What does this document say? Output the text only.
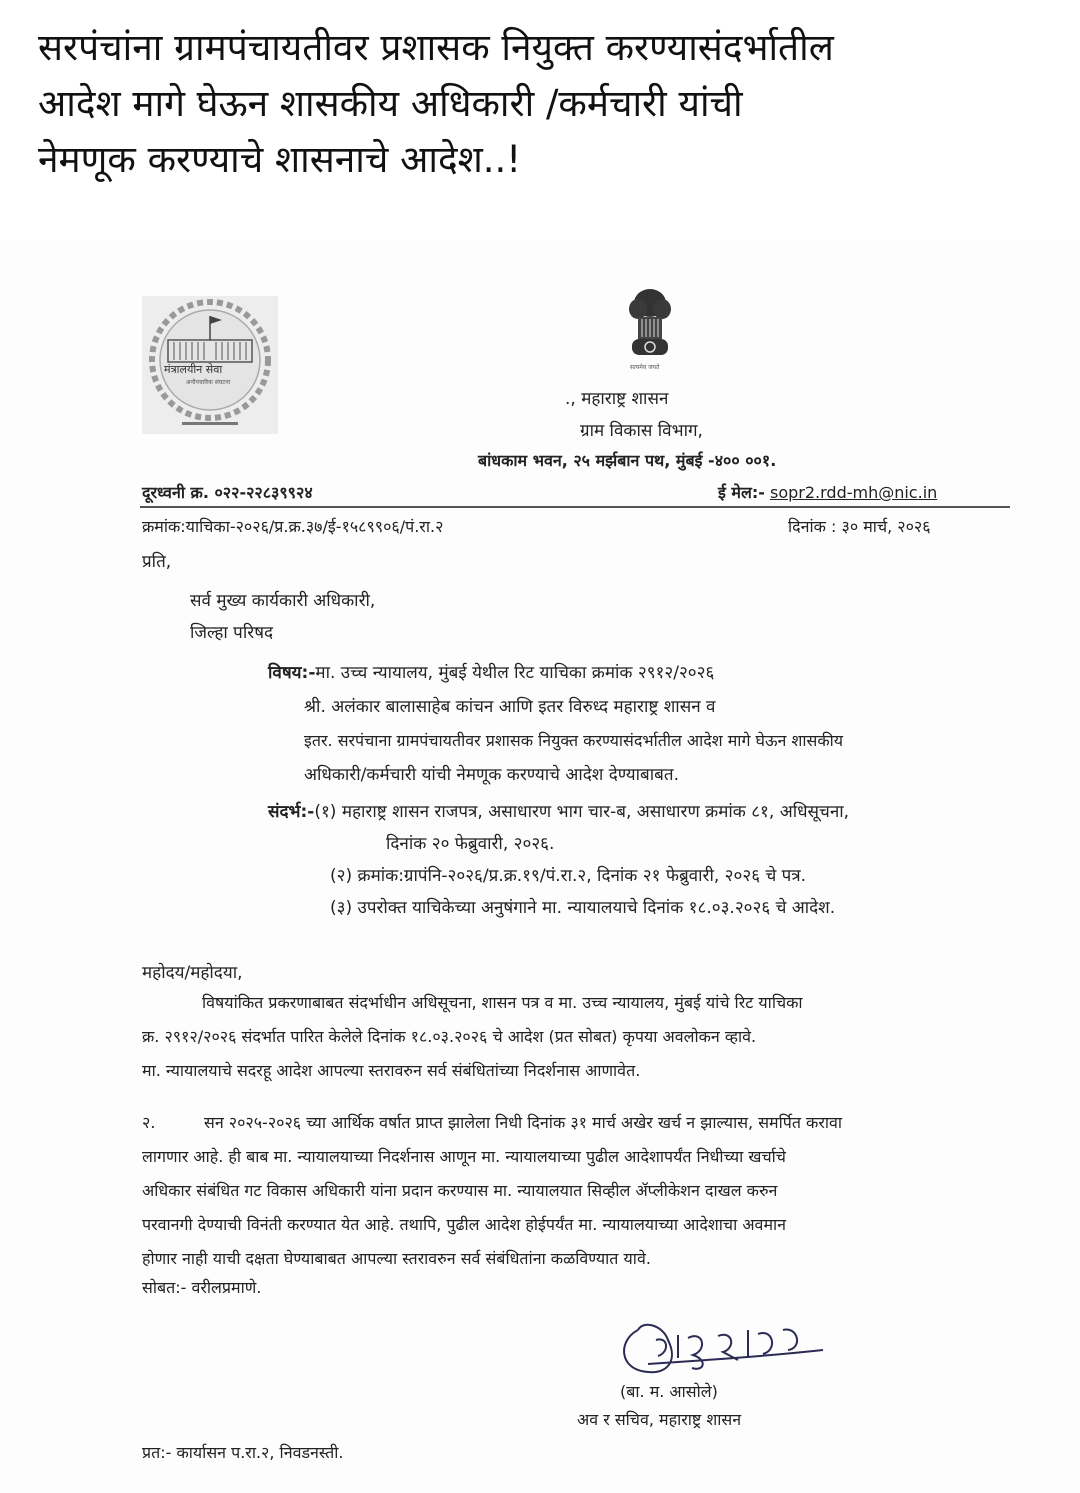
सरपंचांना ग्रामपंचायतीवर प्रशासक नियुक्त करण्यासंदर्भातील
आदेश मागे घेऊन शासकीय अधिकारी /कर्मचारी यांची
नेमणूक करण्याचे शासनाचे आदेश..!
मंत्रालयीन सेवा
अनौपचारिक संघटना
सत्यमेव जयते
., महाराष्ट्र शासन
ग्राम विकास विभाग,
बांधकाम भवन, २५ मर्झबान पथ, मुंबई -४०० ००१.
दूरध्वनी क्र. ०२२-२२८३९९२४	ई मेल:- sopr2.rdd-mh@nic.in
क्रमांक:याचिका-२०२६/प्र.क्र.३७/ई-१५८९९०६/पं.रा.२	दिनांक : ३० मार्च, २०२६
प्रति,
सर्व मुख्य कार्यकारी अधिकारी,
जिल्हा परिषद
विषय:-मा. उच्च न्यायालय, मुंबई येथील रिट याचिका क्रमांक २९१२/२०२६
श्री. अलंकार बालासाहेब कांचन आणि इतर विरुध्द महाराष्ट्र शासन व
इतर. सरपंचाना ग्रामपंचायतीवर प्रशासक नियुक्त करण्यासंदर्भातील आदेश मागे घेऊन शासकीय
अधिकारी/कर्मचारी यांची नेमणूक करण्याचे आदेश देण्याबाबत.
संदर्भ:-(१) महाराष्ट्र शासन राजपत्र, असाधारण भाग चार-ब, असाधारण क्रमांक ८१, अधिसूचना,
दिनांक २० फेब्रुवारी, २०२६.
(२) क्रमांक:ग्रापंनि-२०२६/प्र.क्र.१९/पं.रा.२, दिनांक २१ फेब्रुवारी, २०२६ चे पत्र.
(३) उपरोक्त याचिकेच्या अनुषंगाने मा. न्यायालयाचे दिनांक १८.०३.२०२६ चे आदेश.
महोदय/महोदया,
विषयांकित प्रकरणाबाबत संदर्भाधीन अधिसूचना, शासन पत्र व मा. उच्च न्यायालय, मुंबई यांचे रिट याचिका
क्र. २९१२/२०२६ संदर्भात पारित केलेले दिनांक १८.०३.२०२६ चे आदेश (प्रत सोबत) कृपया अवलोकन व्हावे.
मा. न्यायालयाचे सदरहू आदेश आपल्या स्तरावरुन सर्व संबंधितांच्या निदर्शनास आणावेत.
२.	सन २०२५-२०२६ च्या आर्थिक वर्षात प्राप्त झालेला निधी दिनांक ३१ मार्च अखेर खर्च न झाल्यास, समर्पित करावा
लागणार आहे. ही बाब मा. न्यायालयाच्या निदर्शनास आणून मा. न्यायालयाच्या पुढील आदेशापर्यंत निधीच्या खर्चाचे
अधिकार संबंधित गट विकास अधिकारी यांना प्रदान करण्यास मा. न्यायालयात सिव्हील ॲप्लीकेशन दाखल करुन
परवानगी देण्याची विनंती करण्यात येत आहे. तथापि, पुढील आदेश होईपर्यंत मा. न्यायालयाच्या आदेशाचा अवमान
होणार नाही याची दक्षता घेण्याबाबत आपल्या स्तरावरुन सर्व संबंधितांना कळविण्यात यावे.
सोबत:- वरीलप्रमाणे.
(बा. म. आसोले)
अव र सचिव, महाराष्ट्र शासन
प्रत:- कार्यासन प.रा.२, निवडनस्ती.
